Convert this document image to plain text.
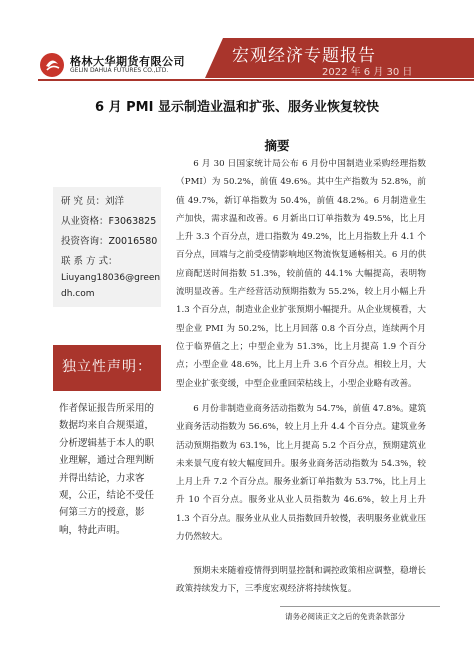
格林大华期货有限公司
GELIN DAHUA FUTURES CO.,LTD.
宏观经济专题报告
2022 年 6 月 30 日
6 月 PMI 显示制造业温和扩张、服务业恢复较快
研 究 员：刘洋
从业资格：F3063825
投资咨询：Z0016580
联 系 方 式：
Liuyang18036@greendh.com
独立性声明：
作者保证报告所采用的数据均来自合规渠道，分析逻辑基于本人的职业理解，通过合理判断并得出结论，力求客观，公正，结论不受任何第三方的授意，影响，特此声明。
摘要
6 月 30 日国家统计局公布 6 月份中国制造业采购经理指数（PMI）为 50.2%，前值 49.6%。其中生产指数为 52.8%，前值 49.7%，新订单指数为 50.4%，前值 48.2%。6 月制造业生产加快，需求温和改善。6 月新出口订单指数为 49.5%，比上月上升 3.3 个百分点，进口指数为 49.2%，比上月指数上升 4.1 个百分点，回端与之前受疫情影响地区物流恢复通畅相关。6 月的供应商配送时间指数 51.3%，较前值的 44.1% 大幅提高，表明物流明显改善。生产经营活动预期指数为 55.2%，较上月小幅上升 1.3 个百分点，制造业企业扩张预期小幅提升。从企业规模看，大型企业 PMI 为 50.2%，比上月回落 0.8 个百分点，连续两个月位于临界值之上；中型企业为 51.3%，比上月提高 1.9 个百分点；小型企业 48.6%，比上月上升 3.6 个百分点。相较上月，大型企业扩张变缓，中型企业重回荣枯线上，小型企业略有改善。
6 月份非制造业商务活动指数为 54.7%，前值 47.8%。建筑业商务活动指数为 56.6%，较上月上升 4.4 个百分点。建筑业务活动预期指数为 63.1%，比上月提高 5.2 个百分点，预期建筑业未来景气度有较大幅度回升。服务业商务活动指数为 54.3%，较上月上升 7.2 个百分点。服务业新订单指数为 53.7%，比上月上升 10 个百分点。服务业从业人员指数为 46.6%，较上月上升 1.3 个百分点。服务业从业人员指数回升较慢，表明服务业就业压力仍然较大。
预期未来随着疫情得到明显控制和调控政策相应调整，稳增长政策持续发力下，三季度宏观经济将持续恢复。
请务必阅读正文之后的免责条款部分
